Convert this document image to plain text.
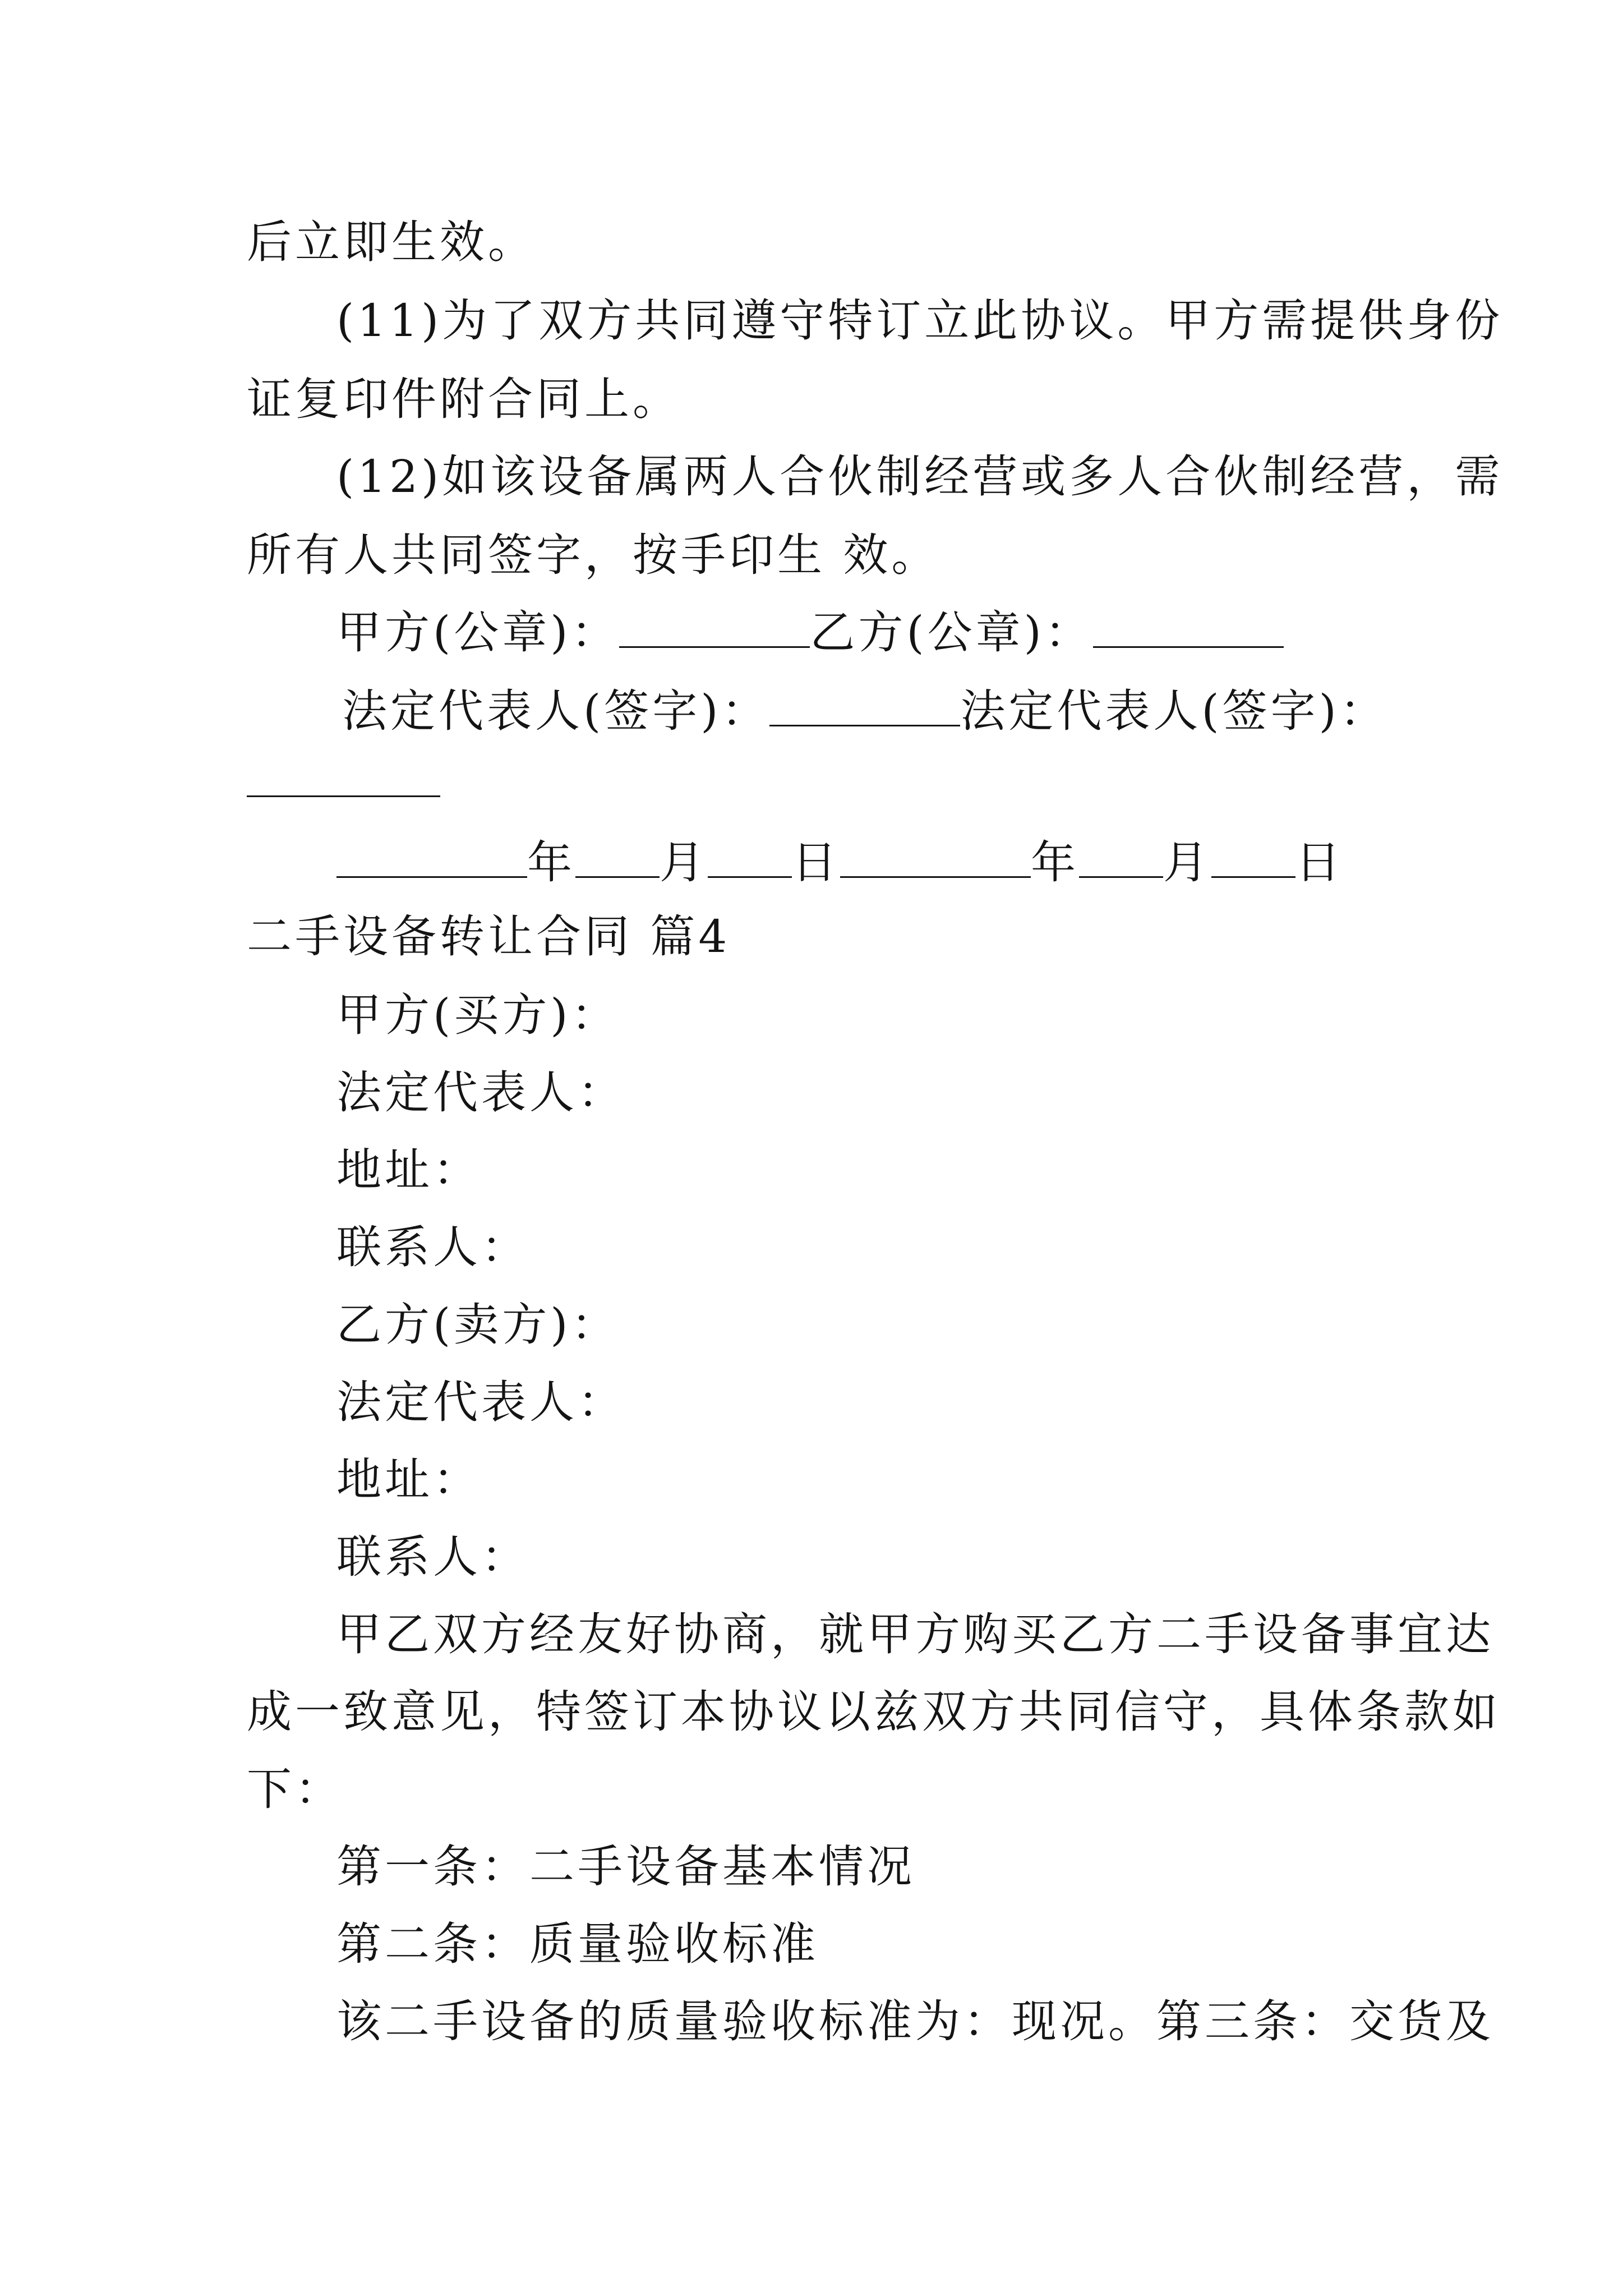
后立即生效。
(11)为了双方共同遵守特订立此协议。甲方需提供身份
证复印件附合同上。
(12)如该设备属两人合伙制经营或多人合伙制经营，需
所有人共同签字，按手印生 效。
甲方(公章)：	乙方(公章)：
法定代表人(签字)：	法定代表人(签字)：
年 月 日	年 月 日
二手设备转让合同 篇4
甲方(买方)：
法定代表人：
地址：
联系人：
乙方(卖方)：
法定代表人：
地址：
联系人：
甲乙双方经友好协商，就甲方购买乙方二手设备事宜达
成一致意见，特签订本协议以兹双方共同信守，具体条款如
下：
第一条：二手设备基本情况
第二条：质量验收标准
该二手设备的质量验收标准为：现况。第三条：交货及
